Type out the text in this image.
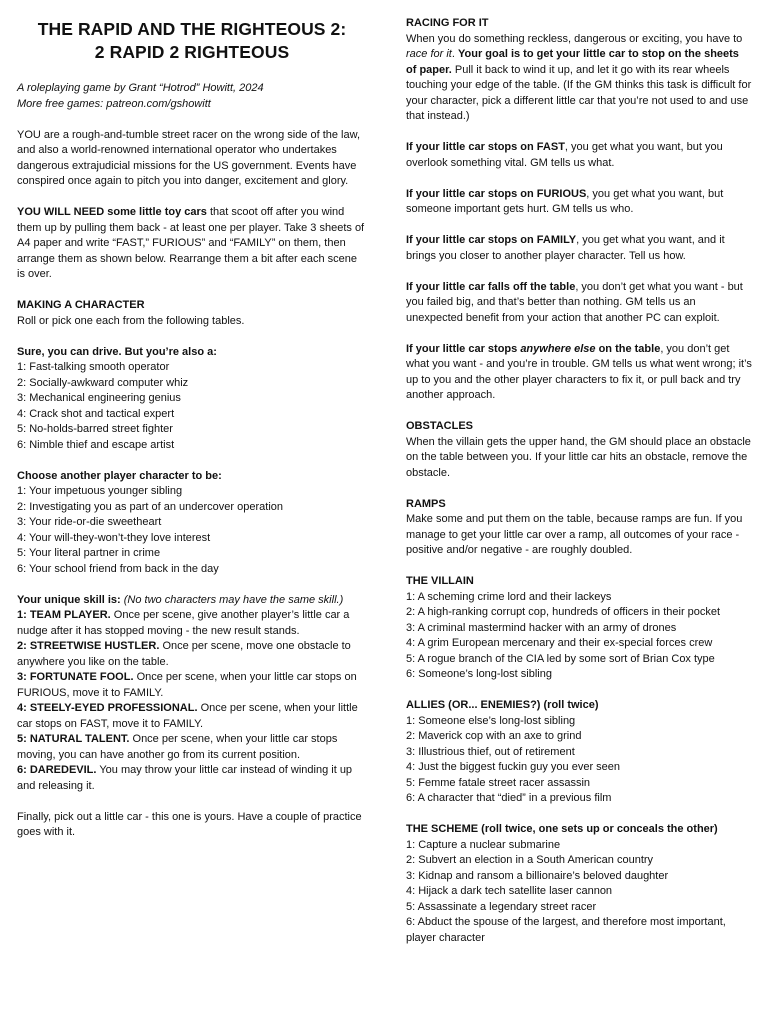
THE RAPID AND THE RIGHTEOUS 2:
2 RAPID 2 RIGHTEOUS

A roleplaying game by Grant “Hotrod” Howitt, 2024

More free games: patreon.com/gshowitt

YOU are a rough-and-tumble street racer on the wrong side of the law, and also a world-renowned international operator who undertakes dangerous extrajudicial missions for the US government. Events have conspired once again to pitch you into danger, excitement and glory.

YOU WILL NEED some little toy cars that scoot off after you wind them up by pulling them back - at least one per player. Take 3 sheets of A4 paper and write “FAST,” FURIOUS” and “FAMILY” on them, then arrange them as shown below. Rearrange them a bit after each scene is over.

MAKING A CHARACTER

Roll or pick one each from the following tables.

Sure, you can drive. But you’re also a:

1: Fast-talking smooth operator

2: Socially-awkward computer whiz

3: Mechanical engineering genius

4: Crack shot and tactical expert

5: No-holds-barred street fighter

6: Nimble thief and escape artist

Choose another player character to be:

1: Your impetuous younger sibling

2: Investigating you as part of an undercover operation

3: Your ride-or-die sweetheart

4: Your will-they-won’t-they love interest

5: Your literal partner in crime

6: Your school friend from back in the day

Your unique skill is: (No two characters may have the same skill.)

1: TEAM PLAYER. Once per scene, give another player’s little car a nudge after it has stopped moving - the new result stands.

2: STREETWISE HUSTLER. Once per scene, move one obstacle to anywhere you like on the table.

3: FORTUNATE FOOL. Once per scene, when your little car stops on FURIOUS, move it to FAMILY.

4: STEELY-EYED PROFESSIONAL. Once per scene, when your little car stops on FAST, move it to FAMILY.

5: NATURAL TALENT. Once per scene, when your little car stops moving, you can have another go from its current position.

6: DAREDEVIL. You may throw your little car instead of winding it up and releasing it.

Finally, pick out a little car - this one is yours. Have a couple of practice goes with it.

RACING FOR IT

When you do something reckless, dangerous or exciting, you have to race for it. Your goal is to get your little car to stop on the sheets of paper. Pull it back to wind it up, and let it go with its rear wheels touching your edge of the table. (If the GM thinks this task is difficult for your character, pick a different little car that you’re not used to and use that instead.)

If your little car stops on FAST, you get what you want, but you overlook something vital. GM tells us what.

If your little car stops on FURIOUS, you get what you want, but someone important gets hurt. GM tells us who.

If your little car stops on FAMILY, you get what you want, and it brings you closer to another player character. Tell us how.

If your little car falls off the table, you don’t get what you want - but you failed big, and that’s better than nothing. GM tells us an unexpected benefit from your action that another PC can exploit.

If your little car stops anywhere else on the table, you don’t get what you want - and you’re in trouble. GM tells us what went wrong; it’s up to you and the other player characters to fix it, or pull back and try another approach.

OBSTACLES

When the villain gets the upper hand, the GM should place an obstacle on the table between you. If your little car hits an obstacle, remove the obstacle.

RAMPS

Make some and put them on the table, because ramps are fun. If you manage to get your little car over a ramp, all outcomes of your race - positive and/or negative - are roughly doubled.

THE VILLAIN

1: A scheming crime lord and their lackeys

2: A high-ranking corrupt cop, hundreds of officers in their pocket

3: A criminal mastermind hacker with an army of drones

4: A grim European mercenary and their ex-special forces crew

5: A rogue branch of the CIA led by some sort of Brian Cox type

6: Someone’s long-lost sibling

ALLIES (OR... ENEMIES?) (roll twice)

1: Someone else’s long-lost sibling

2: Maverick cop with an axe to grind

3: Illustrious thief, out of retirement

4: Just the biggest fuckin guy you ever seen

5: Femme fatale street racer assassin

6: A character that “died” in a previous film

THE SCHEME (roll twice, one sets up or conceals the other)

1: Capture a nuclear submarine

2: Subvert an election in a South American country

3: Kidnap and ransom a billionaire’s beloved daughter

4: Hijack a dark tech satellite laser cannon

5: Assassinate a legendary street racer

6: Abduct the spouse of the largest, and therefore most important, player character
